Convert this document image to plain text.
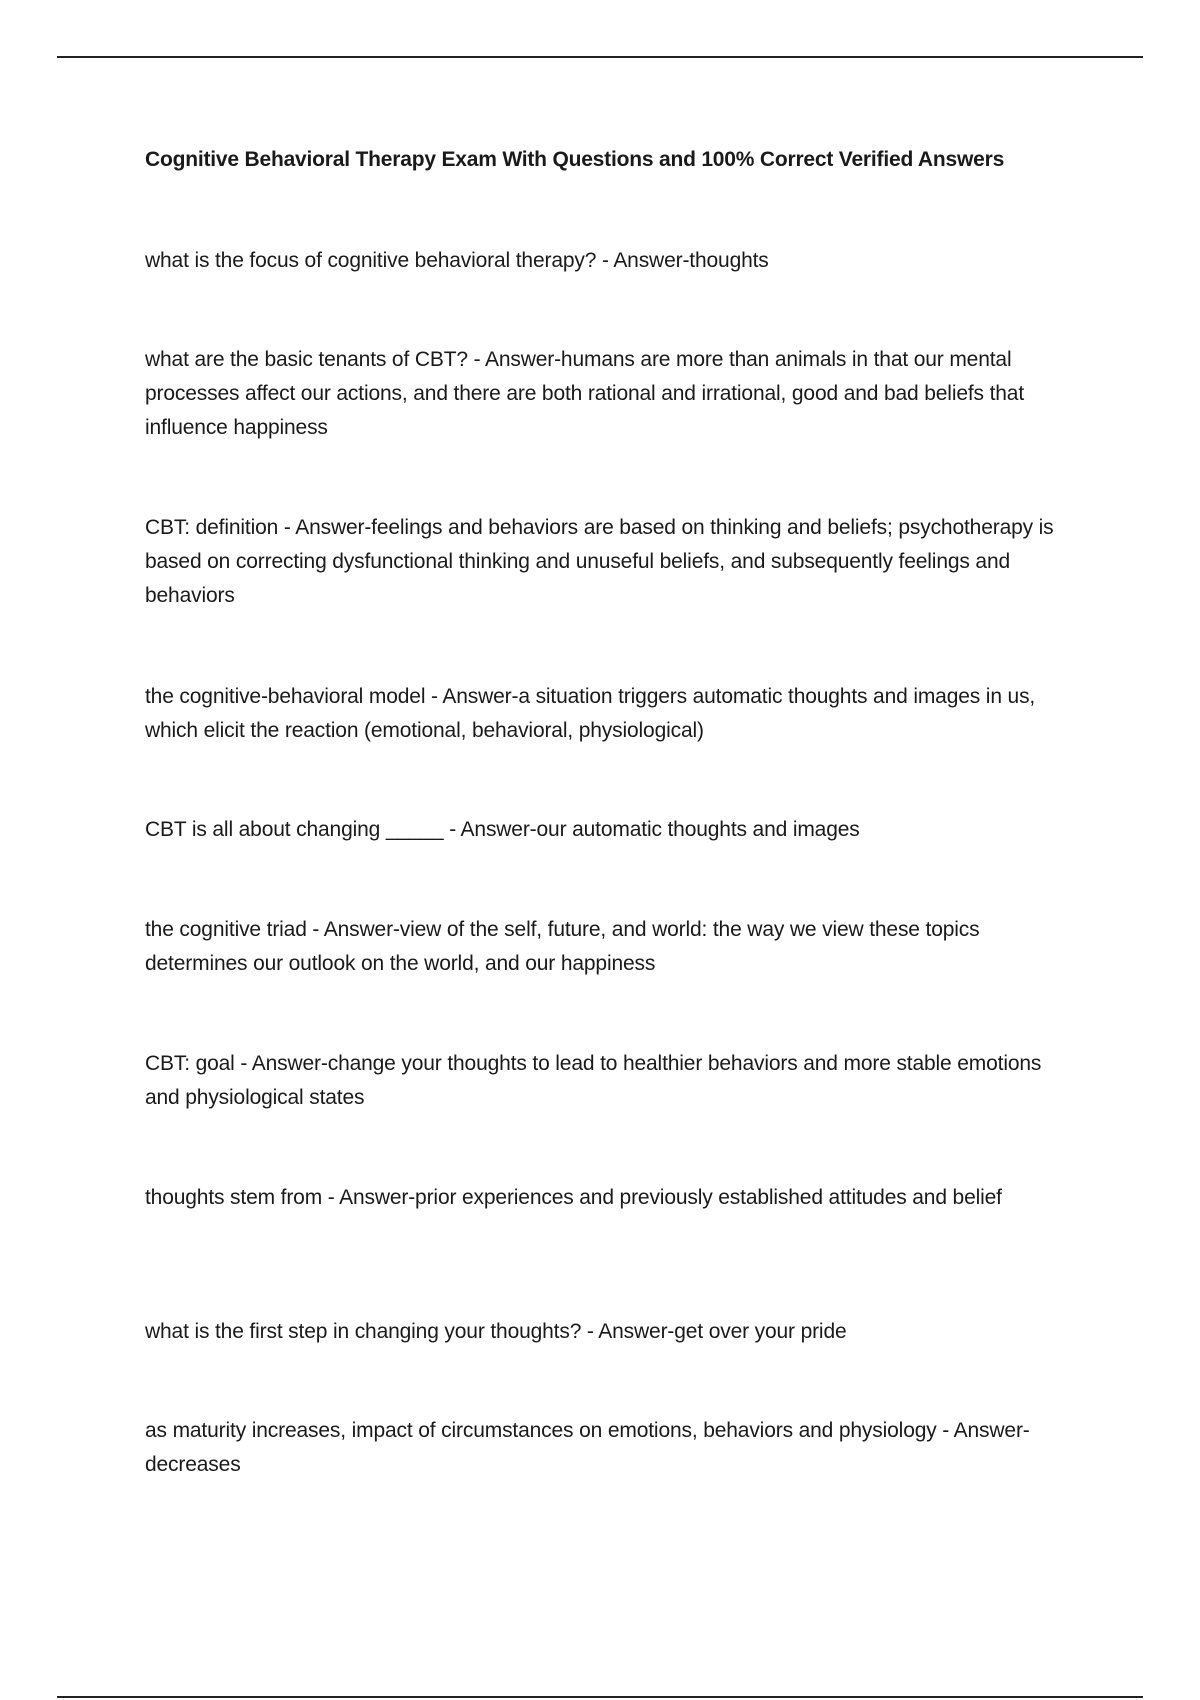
Cognitive Behavioral Therapy Exam With Questions and 100% Correct Verified Answers

what is the focus of cognitive behavioral therapy? - Answer-thoughts

what are the basic tenants of CBT? - Answer-humans are more than animals in that our mental processes affect our actions, and there are both rational and irrational, good and bad beliefs that influence happiness

CBT: definition - Answer-feelings and behaviors are based on thinking and beliefs; psychotherapy is based on correcting dysfunctional thinking and unuseful beliefs, and subsequently feelings and behaviors

the cognitive-behavioral model - Answer-a situation triggers automatic thoughts and images in us, which elicit the reaction (emotional, behavioral, physiological)

CBT is all about changing _____ - Answer-our automatic thoughts and images

the cognitive triad - Answer-view of the self, future, and world: the way we view these topics determines our outlook on the world, and our happiness

CBT: goal - Answer-change your thoughts to lead to healthier behaviors and more stable emotions and physiological states

thoughts stem from - Answer-prior experiences and previously established attitudes and belief

what is the first step in changing your thoughts? - Answer-get over your pride

as maturity increases, impact of circumstances on emotions, behaviors and physiology - Answer-decreases
